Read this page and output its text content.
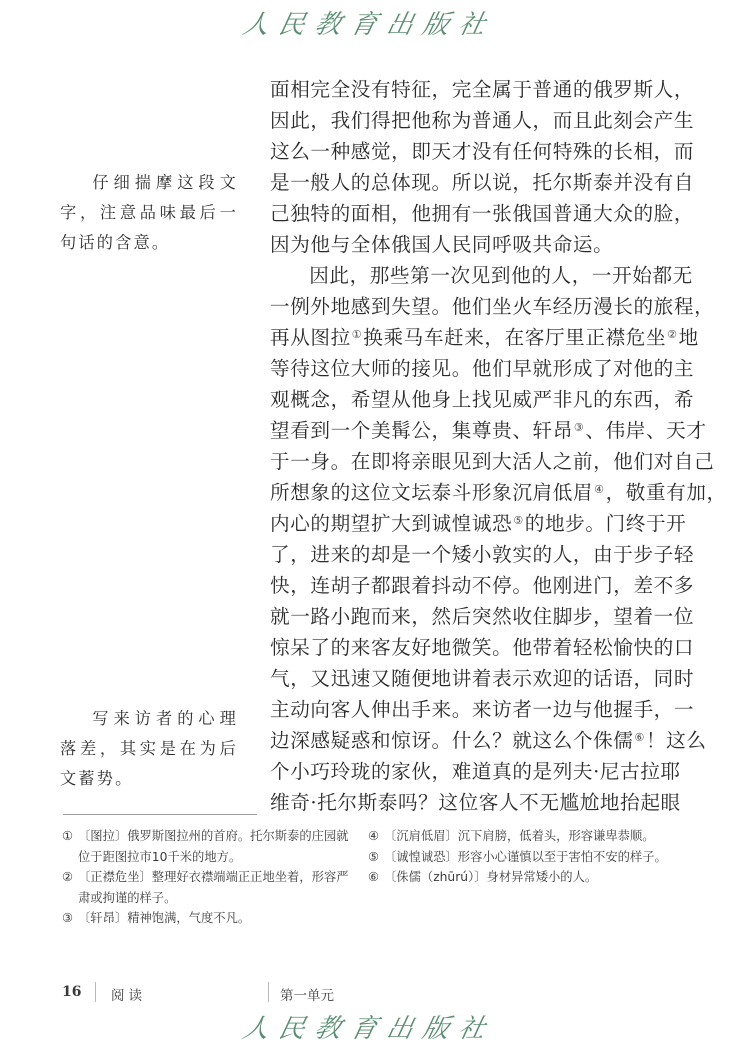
人民教育出版社
仔细揣摩这段文
字，注意品味最后一
句话的含意。
写来访者的心理
落差，其实是在为后
文蓄势。

面相完全没有特征，完全属于普通的俄罗斯人，
因此，我们得把他称为普通人，而且此刻会产生
这么一种感觉，即天才没有任何特殊的长相，而
是一般人的总体现。所以说，托尔斯泰并没有自
己独特的面相，他拥有一张俄国普通大众的脸，
因为他与全体俄国人民同呼吸共命运。

因此，那些第一次见到他的人，一开始都无
一例外地感到失望。他们坐火车经历漫长的旅程，
再从图拉①换乘马车赶来，在客厅里正襟危坐②地
等待这位大师的接见。他们早就形成了对他的主
观概念，希望从他身上找见威严非凡的东西，希
望看到一个美髯公，集尊贵、轩昂③、伟岸、天才
于一身。在即将亲眼见到大活人之前，他们对自己
所想象的这位文坛泰斗形象沉肩低眉④，敬重有加，
内心的期望扩大到诚惶诚恐⑤的地步。门终于开
了，进来的却是一个矮小敦实的人，由于步子轻
快，连胡子都跟着抖动不停。他刚进门，差不多
就一路小跑而来，然后突然收住脚步，望着一位
惊呆了的来客友好地微笑。他带着轻松愉快的口
气，又迅速又随便地讲着表示欢迎的话语，同时
主动向客人伸出手来。来访者一边与他握手，一
边深感疑惑和惊讶。什么？就这么个侏儒⑥！这么
个小巧玲珑的家伙，难道真的是列夫·尼古拉耶
维奇·托尔斯泰吗？这位客人不无尴尬地抬起眼

① 〔图拉〕俄罗斯图拉州的首府。托尔斯泰的庄园就位于距图拉市10千米的地方。

② 〔正襟危坐〕整理好衣襟端端正正地坐着，形容严肃或拘谨的样子。

③ 〔轩昂〕精神饱满，气度不凡。

④ 〔沉肩低眉〕沉下肩膀，低着头，形容谦卑恭顺。

⑤ 〔诚惶诚恐〕形容小心谨慎以至于害怕不安的样子。

⑥ 〔侏儒（zhūrú）〕身材异常矮小的人。

16 阅读	第一单元
人民教育出版社
